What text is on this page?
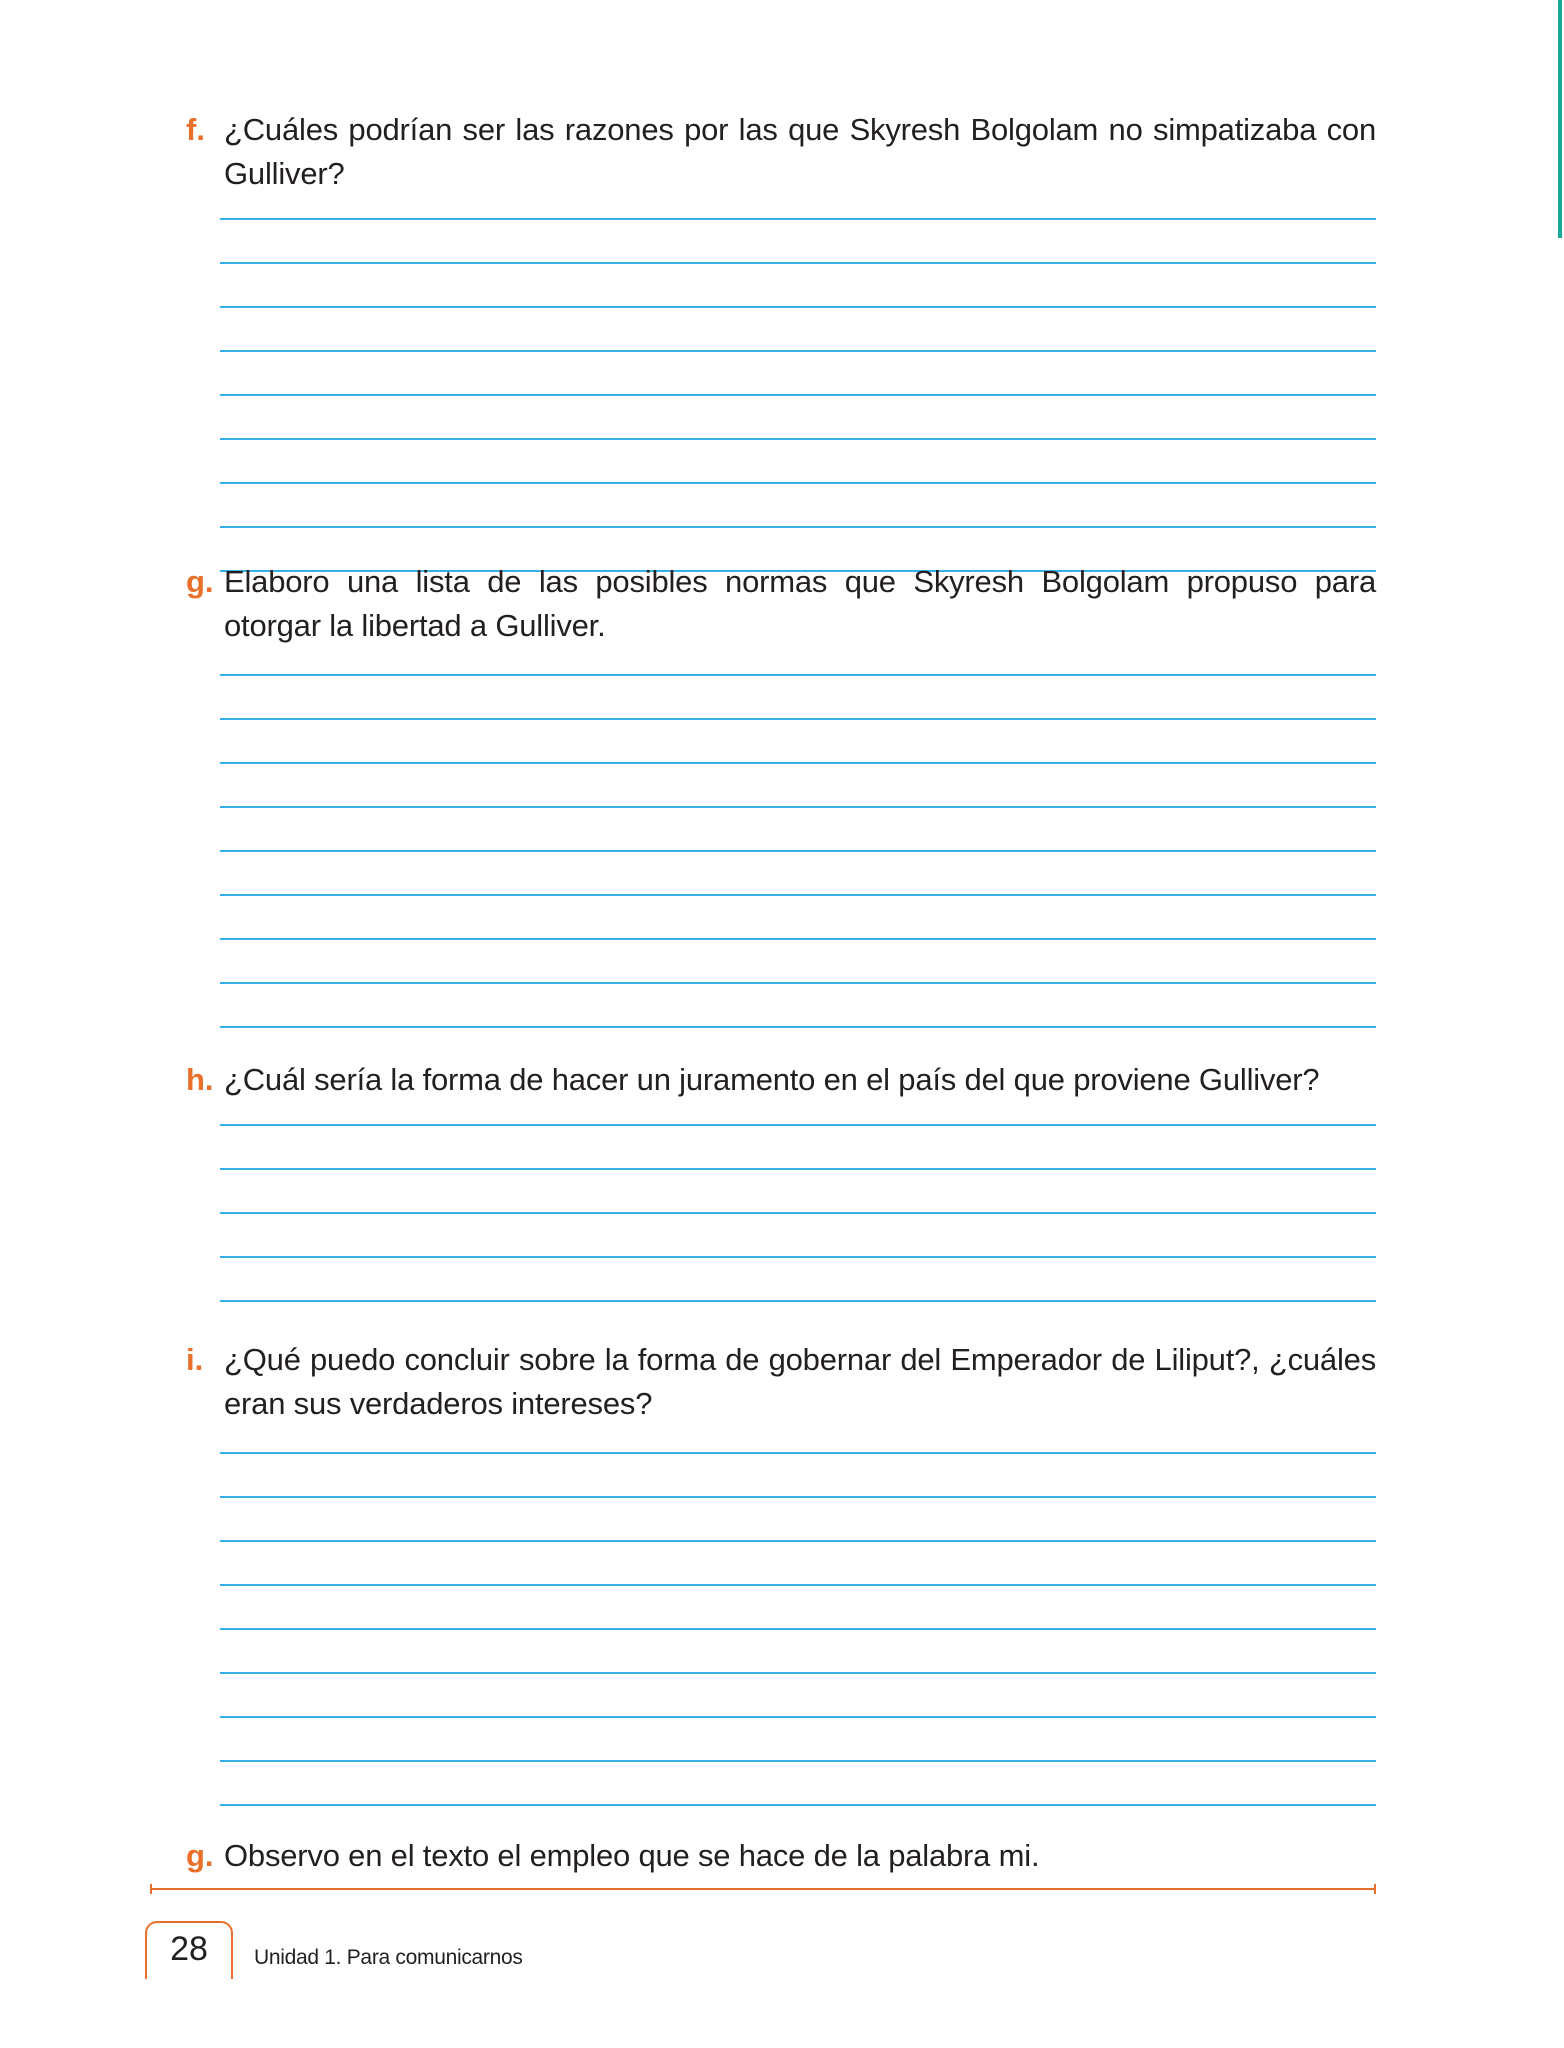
f. ¿Cuáles podrían ser las razones por las que Skyresh Bolgolam no simpatizaba con Gulliver?
g. Elaboro una lista de las posibles normas que Skyresh Bolgolam propuso para otorgar la libertad a Gulliver.
h. ¿Cuál sería la forma de hacer un juramento en el país del que proviene Gulliver?
i. ¿Qué puedo concluir sobre la forma de gobernar del Emperador de Liliput?, ¿cuáles eran sus verdaderos intereses?
g. Observo en el texto el empleo que se hace de la palabra mi.
28	Unidad 1. Para comunicarnos
